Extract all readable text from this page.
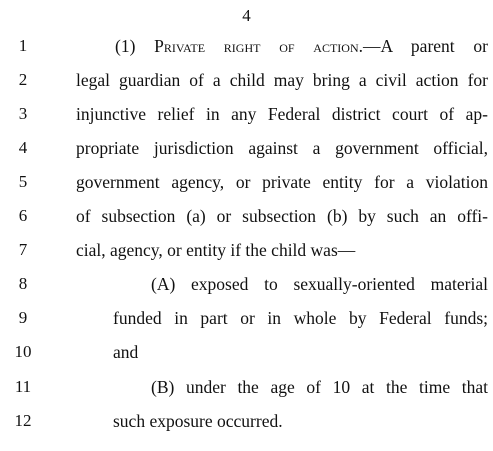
4
1	(1) Private right of action.—A parent or
2	legal guardian of a child may bring a civil action for
3	injunctive relief in any Federal district court of ap-
4	propriate jurisdiction against a government official,
5	government agency, or private entity for a violation
6	of subsection (a) or subsection (b) by such an offi-
7	cial, agency, or entity if the child was—
8	(A) exposed to sexually-oriented material
9	funded in part or in whole by Federal funds;
10	and
11	(B) under the age of 10 at the time that
12	such exposure occurred.
